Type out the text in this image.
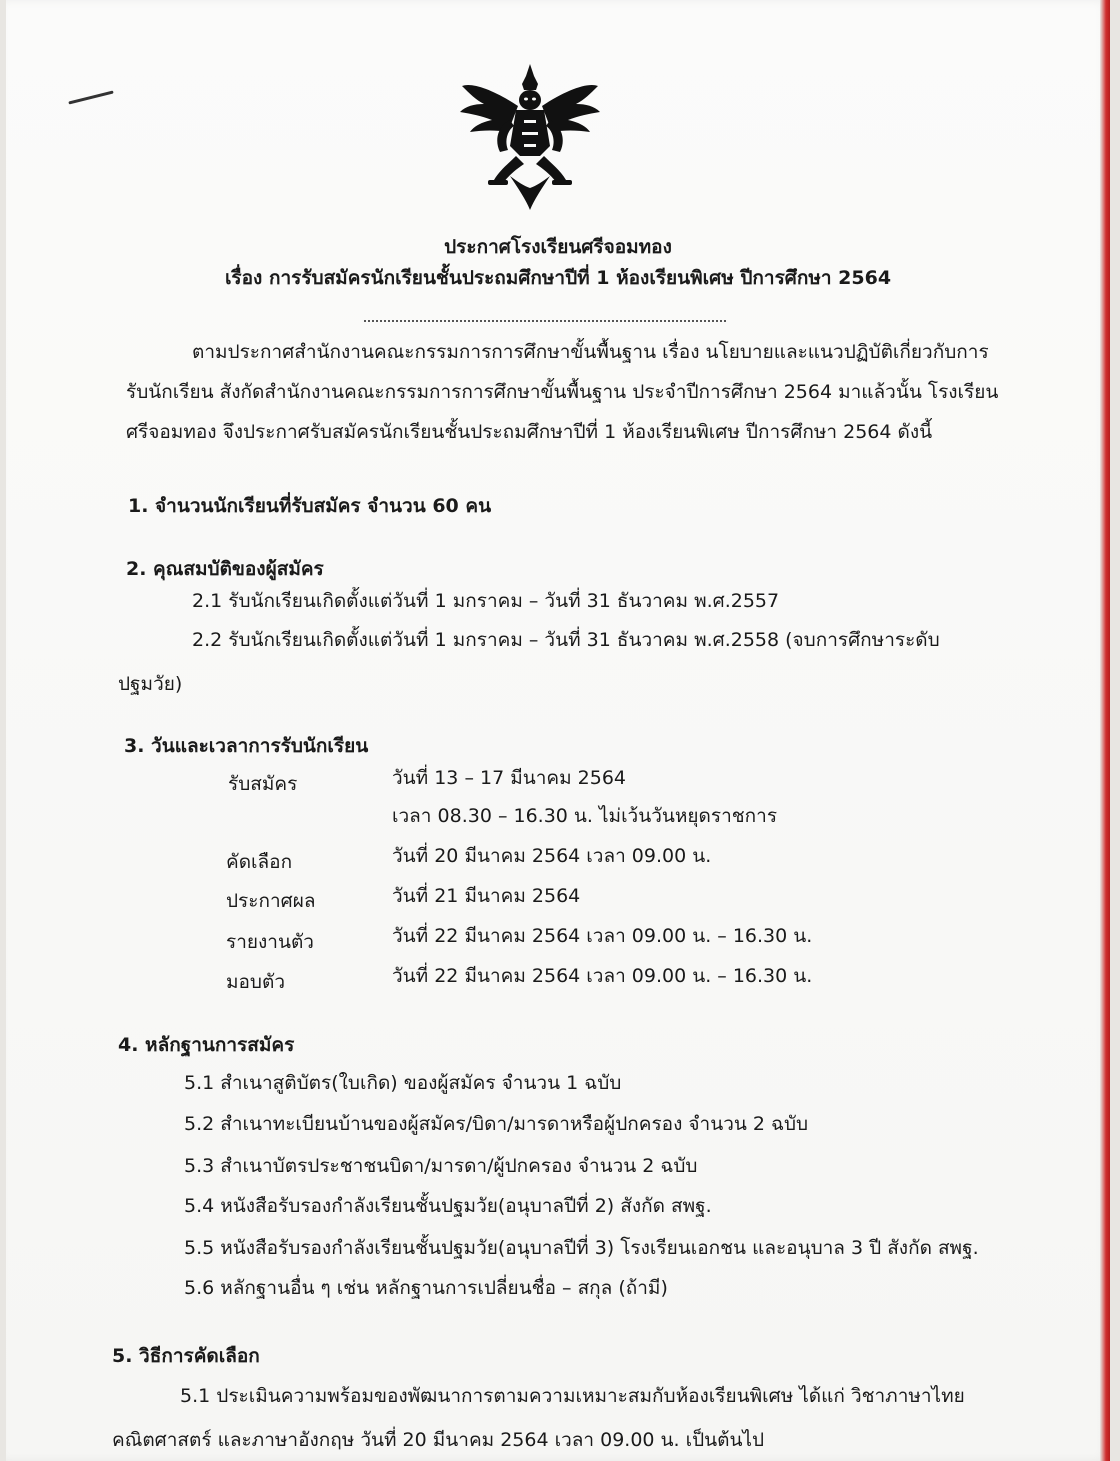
ประกาศโรงเรียนศรีจอมทอง
เรื่อง การรับสมัครนักเรียนชั้นประถมศึกษาปีที่ 1 ห้องเรียนพิเศษ ปีการศึกษา 2564
ตามประกาศสำนักงานคณะกรรมการการศึกษาขั้นพื้นฐาน เรื่อง นโยบายและแนวปฏิบัติเกี่ยวกับการ
รับนักเรียน สังกัดสำนักงานคณะกรรมการการศึกษาขั้นพื้นฐาน ประจำปีการศึกษา 2564 มาแล้วนั้น โรงเรียน
ศรีจอมทอง จึงประกาศรับสมัครนักเรียนชั้นประถมศึกษาปีที่ 1 ห้องเรียนพิเศษ ปีการศึกษา 2564 ดังนี้
1. จำนวนนักเรียนที่รับสมัคร จำนวน 60 คน
2. คุณสมบัติของผู้สมัคร
2.1 รับนักเรียนเกิดตั้งแต่วันที่ 1 มกราคม – วันที่ 31 ธันวาคม พ.ศ.2557
2.2 รับนักเรียนเกิดตั้งแต่วันที่ 1 มกราคม – วันที่ 31 ธันวาคม พ.ศ.2558 (จบการศึกษาระดับ
ปฐมวัย)
3. วันและเวลาการรับนักเรียน
รับสมัคร	วันที่ 13 – 17 มีนาคม 2564
เวลา 08.30 – 16.30 น. ไม่เว้นวันหยุดราชการ
คัดเลือก	วันที่ 20 มีนาคม 2564 เวลา 09.00 น.
ประกาศผล	วันที่ 21 มีนาคม 2564
รายงานตัว	วันที่ 22 มีนาคม 2564 เวลา 09.00 น. – 16.30 น.
มอบตัว	วันที่ 22 มีนาคม 2564 เวลา 09.00 น. – 16.30 น.
4. หลักฐานการสมัคร
5.1 สำเนาสูติบัตร(ใบเกิด) ของผู้สมัคร จำนวน 1 ฉบับ
5.2 สำเนาทะเบียนบ้านของผู้สมัคร/บิดา/มารดาหรือผู้ปกครอง จำนวน 2 ฉบับ
5.3 สำเนาบัตรประชาชนบิดา/มารดา/ผู้ปกครอง จำนวน 2 ฉบับ
5.4 หนังสือรับรองกำลังเรียนชั้นปฐมวัย(อนุบาลปีที่ 2) สังกัด สพฐ.
5.5 หนังสือรับรองกำลังเรียนชั้นปฐมวัย(อนุบาลปีที่ 3) โรงเรียนเอกชน และอนุบาล 3 ปี สังกัด สพฐ.
5.6 หลักฐานอื่น ๆ เช่น หลักฐานการเปลี่ยนชื่อ – สกุล (ถ้ามี)
5. วิธีการคัดเลือก
5.1 ประเมินความพร้อมของพัฒนาการตามความเหมาะสมกับห้องเรียนพิเศษ ได้แก่ วิชาภาษาไทย
คณิตศาสตร์ และภาษาอังกฤษ วันที่ 20 มีนาคม 2564 เวลา 09.00 น. เป็นต้นไป
